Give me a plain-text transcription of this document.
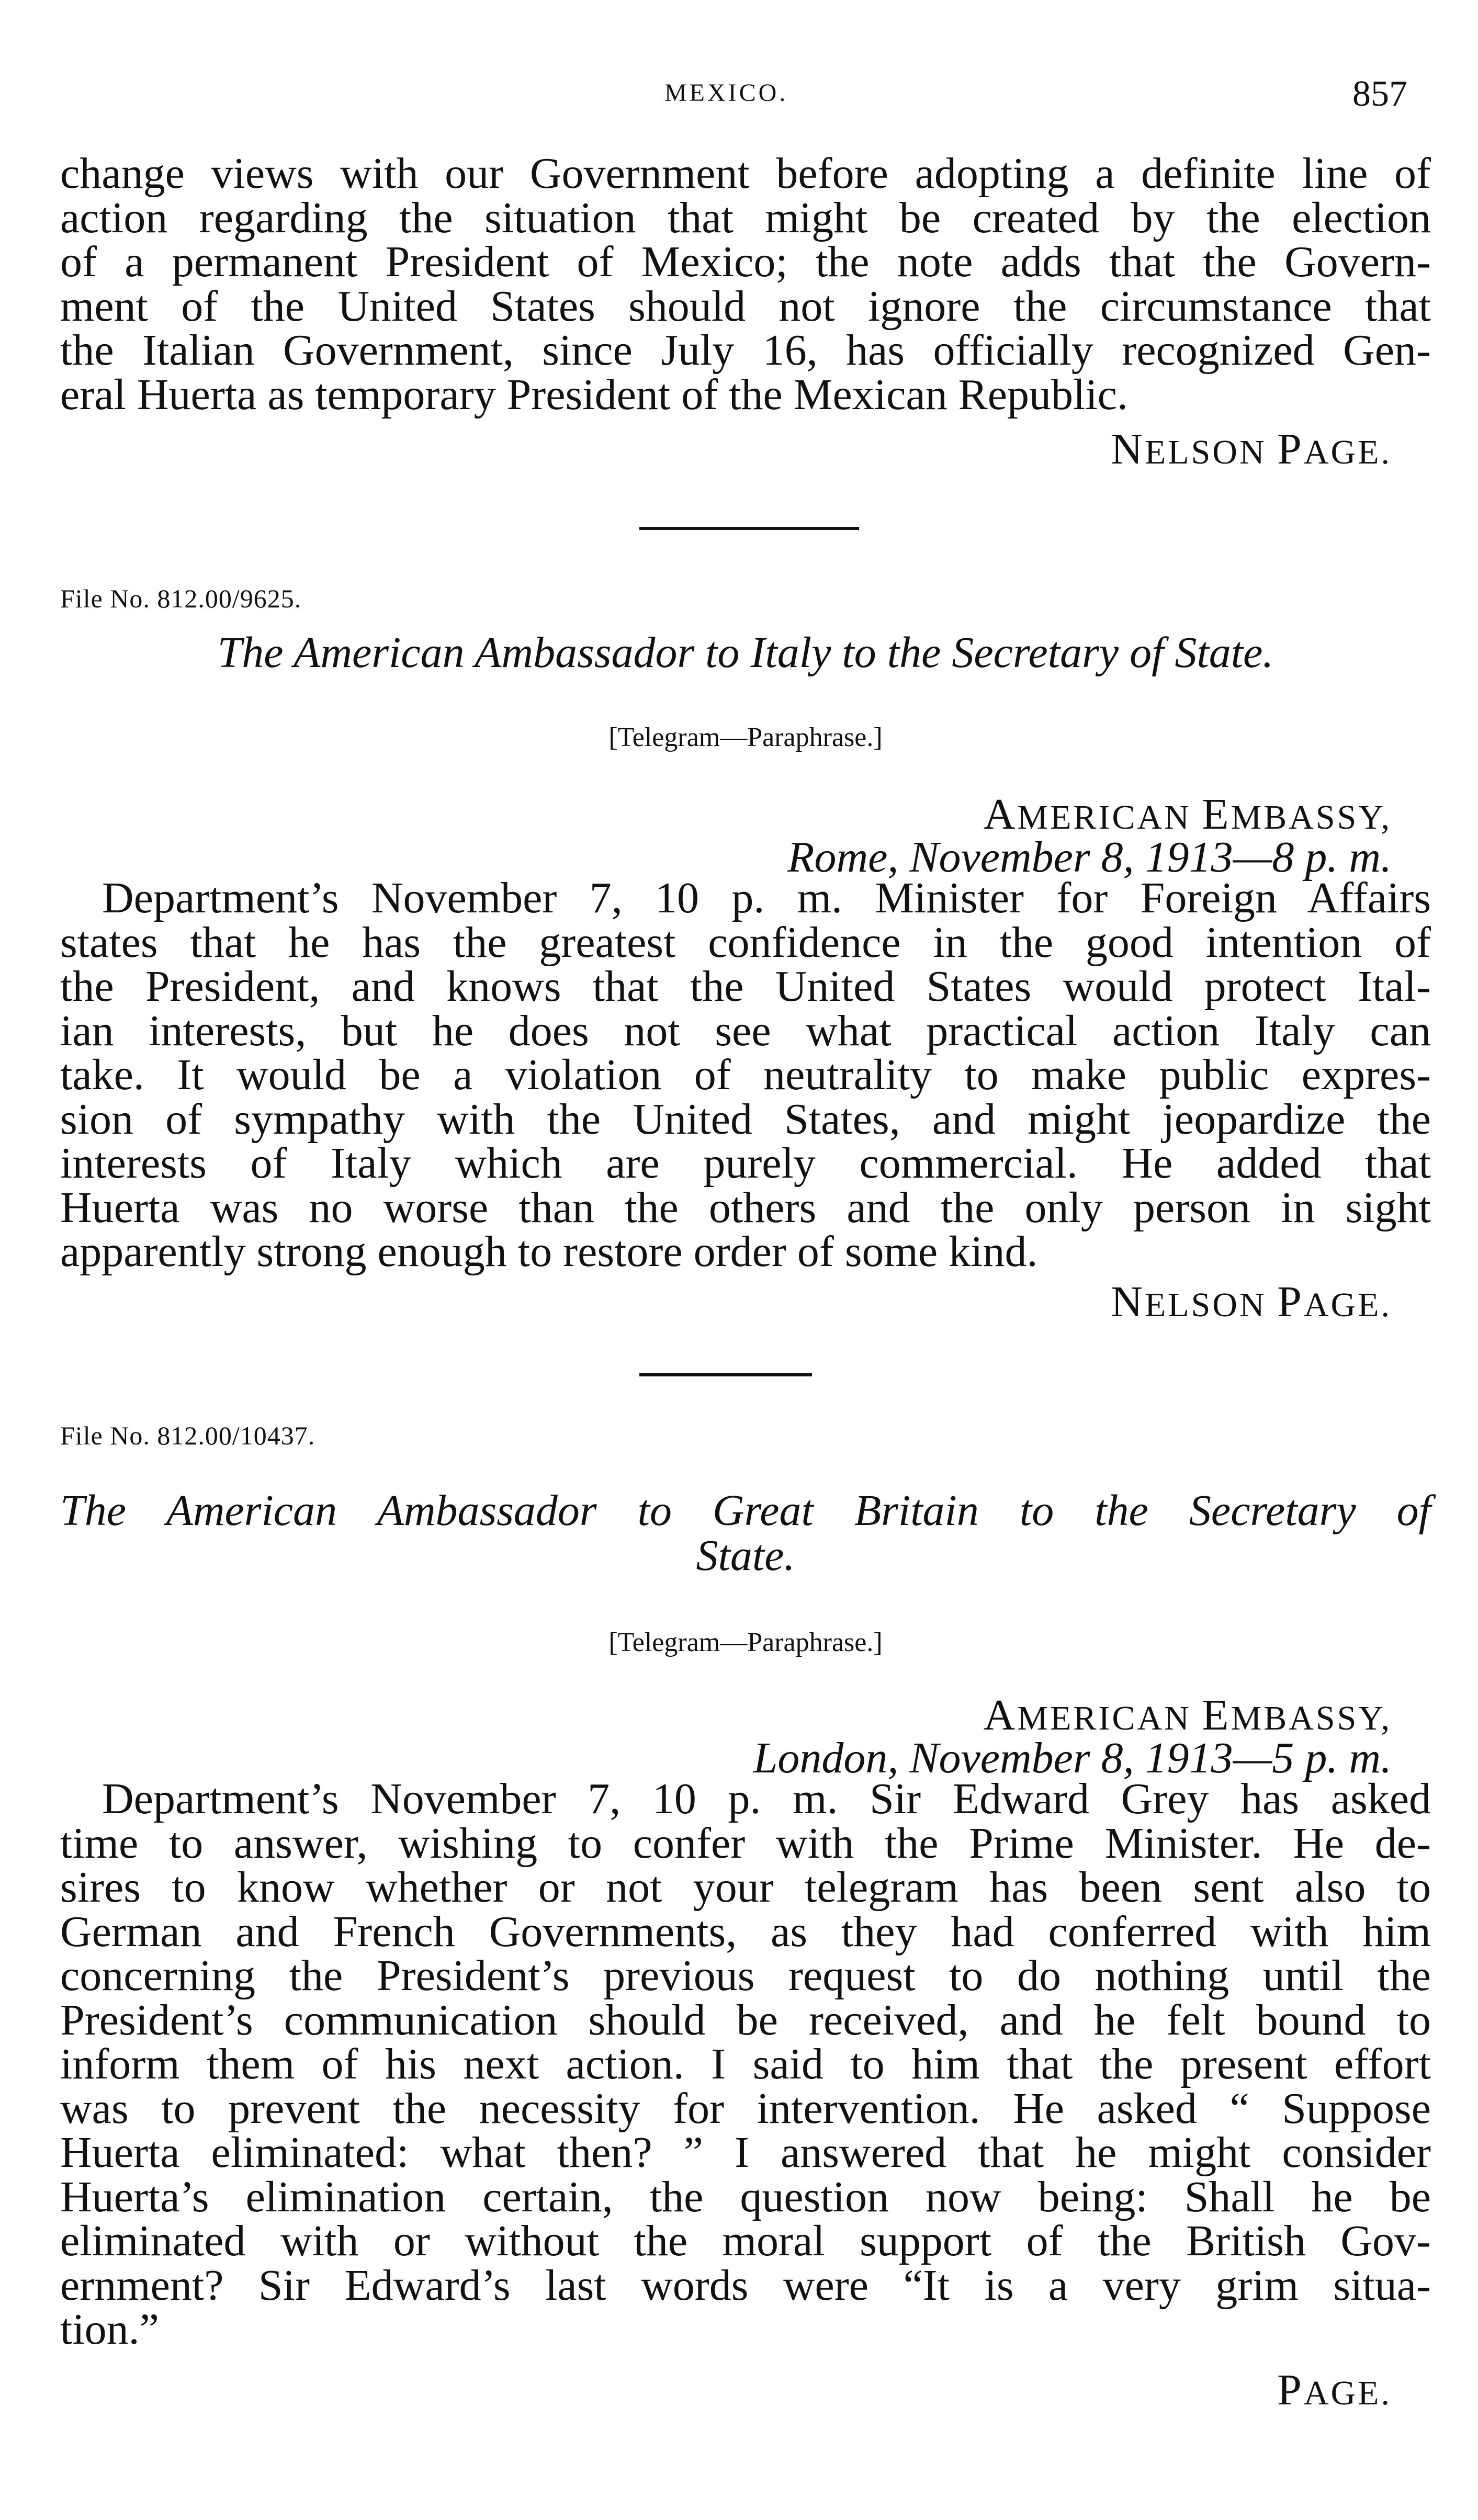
MEXICO.	857
change views with our Government before adopting a definite line of
action regarding the situation that might be created by the election
of a permanent President of Mexico; the note adds that the Govern-
ment of the United States should not ignore the circumstance that
the Italian Government, since July 16, has officially recognized Gen-
eral Huerta as temporary President of the Mexican Republic.
NELSON PAGE.
File No. 812.00/9625.
The American Ambassador to Italy to the Secretary of State.
[Telegram—Paraphrase.]
AMERICAN EMBASSY,
Rome, November 8, 1913—8 p. m.
Department’s November 7, 10 p. m. Minister for Foreign Affairs
states that he has the greatest confidence in the good intention of
the President, and knows that the United States would protect Ital-
ian interests, but he does not see what practical action Italy can
take. It would be a violation of neutrality to make public expres-
sion of sympathy with the United States, and might jeopardize the
interests of Italy which are purely commercial. He added that
Huerta was no worse than the others and the only person in sight
apparently strong enough to restore order of some kind.
NELSON PAGE.
File No. 812.00/10437.
The American Ambassador to Great Britain to the Secretary of
State.
[Telegram—Paraphrase.]
AMERICAN EMBASSY,
London, November 8, 1913—5 p. m.
Department’s November 7, 10 p. m. Sir Edward Grey has asked
time to answer, wishing to confer with the Prime Minister. He de-
sires to know whether or not your telegram has been sent also to
German and French Governments, as they had conferred with him
concerning the President’s previous request to do nothing until the
President’s communication should be received, and he felt bound to
inform them of his next action. I said to him that the present effort
was to prevent the necessity for intervention. He asked “ Suppose
Huerta eliminated: what then? ” I answered that he might consider
Huerta’s elimination certain, the question now being: Shall he be
eliminated with or without the moral support of the British Gov-
ernment? Sir Edward’s last words were “It is a very grim situa-
tion.”
PAGE.
